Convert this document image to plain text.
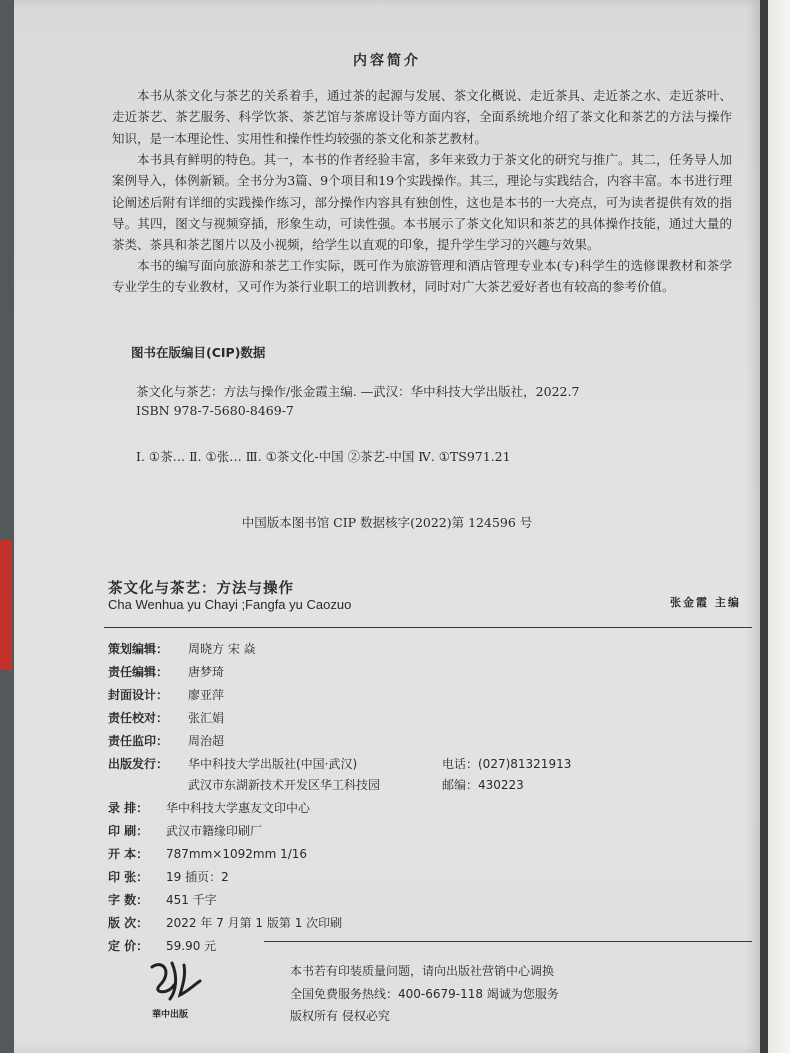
内容简介

本书从茶文化与茶艺的关系着手，通过茶的起源与发展、茶文化概说、走近茶具、走近茶之水、走近茶叶、走近茶艺、茶艺服务、科学饮茶、茶艺馆与茶席设计等方面内容，全面系统地介绍了茶文化和茶艺的方法与操作知识，是一本理论性、实用性和操作性均较强的茶文化和茶艺教材。

本书具有鲜明的特色。其一，本书的作者经验丰富，多年来致力于茶文化的研究与推广。其二，任务导人加案例导入，体例新颖。全书分为3篇、9个项目和19个实践操作。其三，理论与实践结合，内容丰富。本书进行理论阐述后附有详细的实践操作练习，部分操作内容具有独创性，这也是本书的一大亮点，可为读者提供有效的指导。其四，图文与视频穿插，形象生动，可读性强。本书展示了茶文化知识和茶艺的具体操作技能，通过大量的茶类、茶具和茶艺图片以及小视频，给学生以直观的印象，提升学生学习的兴趣与效果。

本书的编写面向旅游和茶艺工作实际，既可作为旅游管理和酒店管理专业本(专)科学生的选修课教材和茶学专业学生的专业教材，又可作为茶行业职工的培训教材，同时对广大茶艺爱好者也有较高的参考价值。

图书在版编目(CIP)数据
茶文化与茶艺：方法与操作/张金霞主编. —武汉：华中科技大学出版社，2022.7
ISBN 978-7-5680-8469-7
Ⅰ. ①茶… Ⅱ. ①张… Ⅲ. ①茶文化-中国 ②茶艺-中国 Ⅳ. ①TS971.21
中国版本图书馆 CIP 数据核字(2022)第 124596 号
茶文化与茶艺：方法与操作
Cha Wenhua yu Chayi ;Fangfa yu Caozuo	张金霞 主编
策划编辑： 周晓方 宋 焱
责任编辑： 唐梦琦
封面设计： 廖亚萍
责任校对： 张汇娟
责任监印： 周治超
出版发行： 华中科技大学出版社(中国·武汉)
武汉市东湖新技术开发区华工科技园
电话：(027)81321913
邮编：430223
录 排： 华中科技大学惠友文印中心
印 刷： 武汉市籍缘印刷厂
开 本： 787mm×1092mm 1/16
印 张： 19 插页：2
字 数： 451 千字
版 次： 2022 年 7 月第 1 版第 1 次印刷
定 价： 59.90 元
華中出版
本书若有印装质量问题，请向出版社营销中心调换
全国免费服务热线：400-6679-118 竭诚为您服务
版权所有 侵权必究
